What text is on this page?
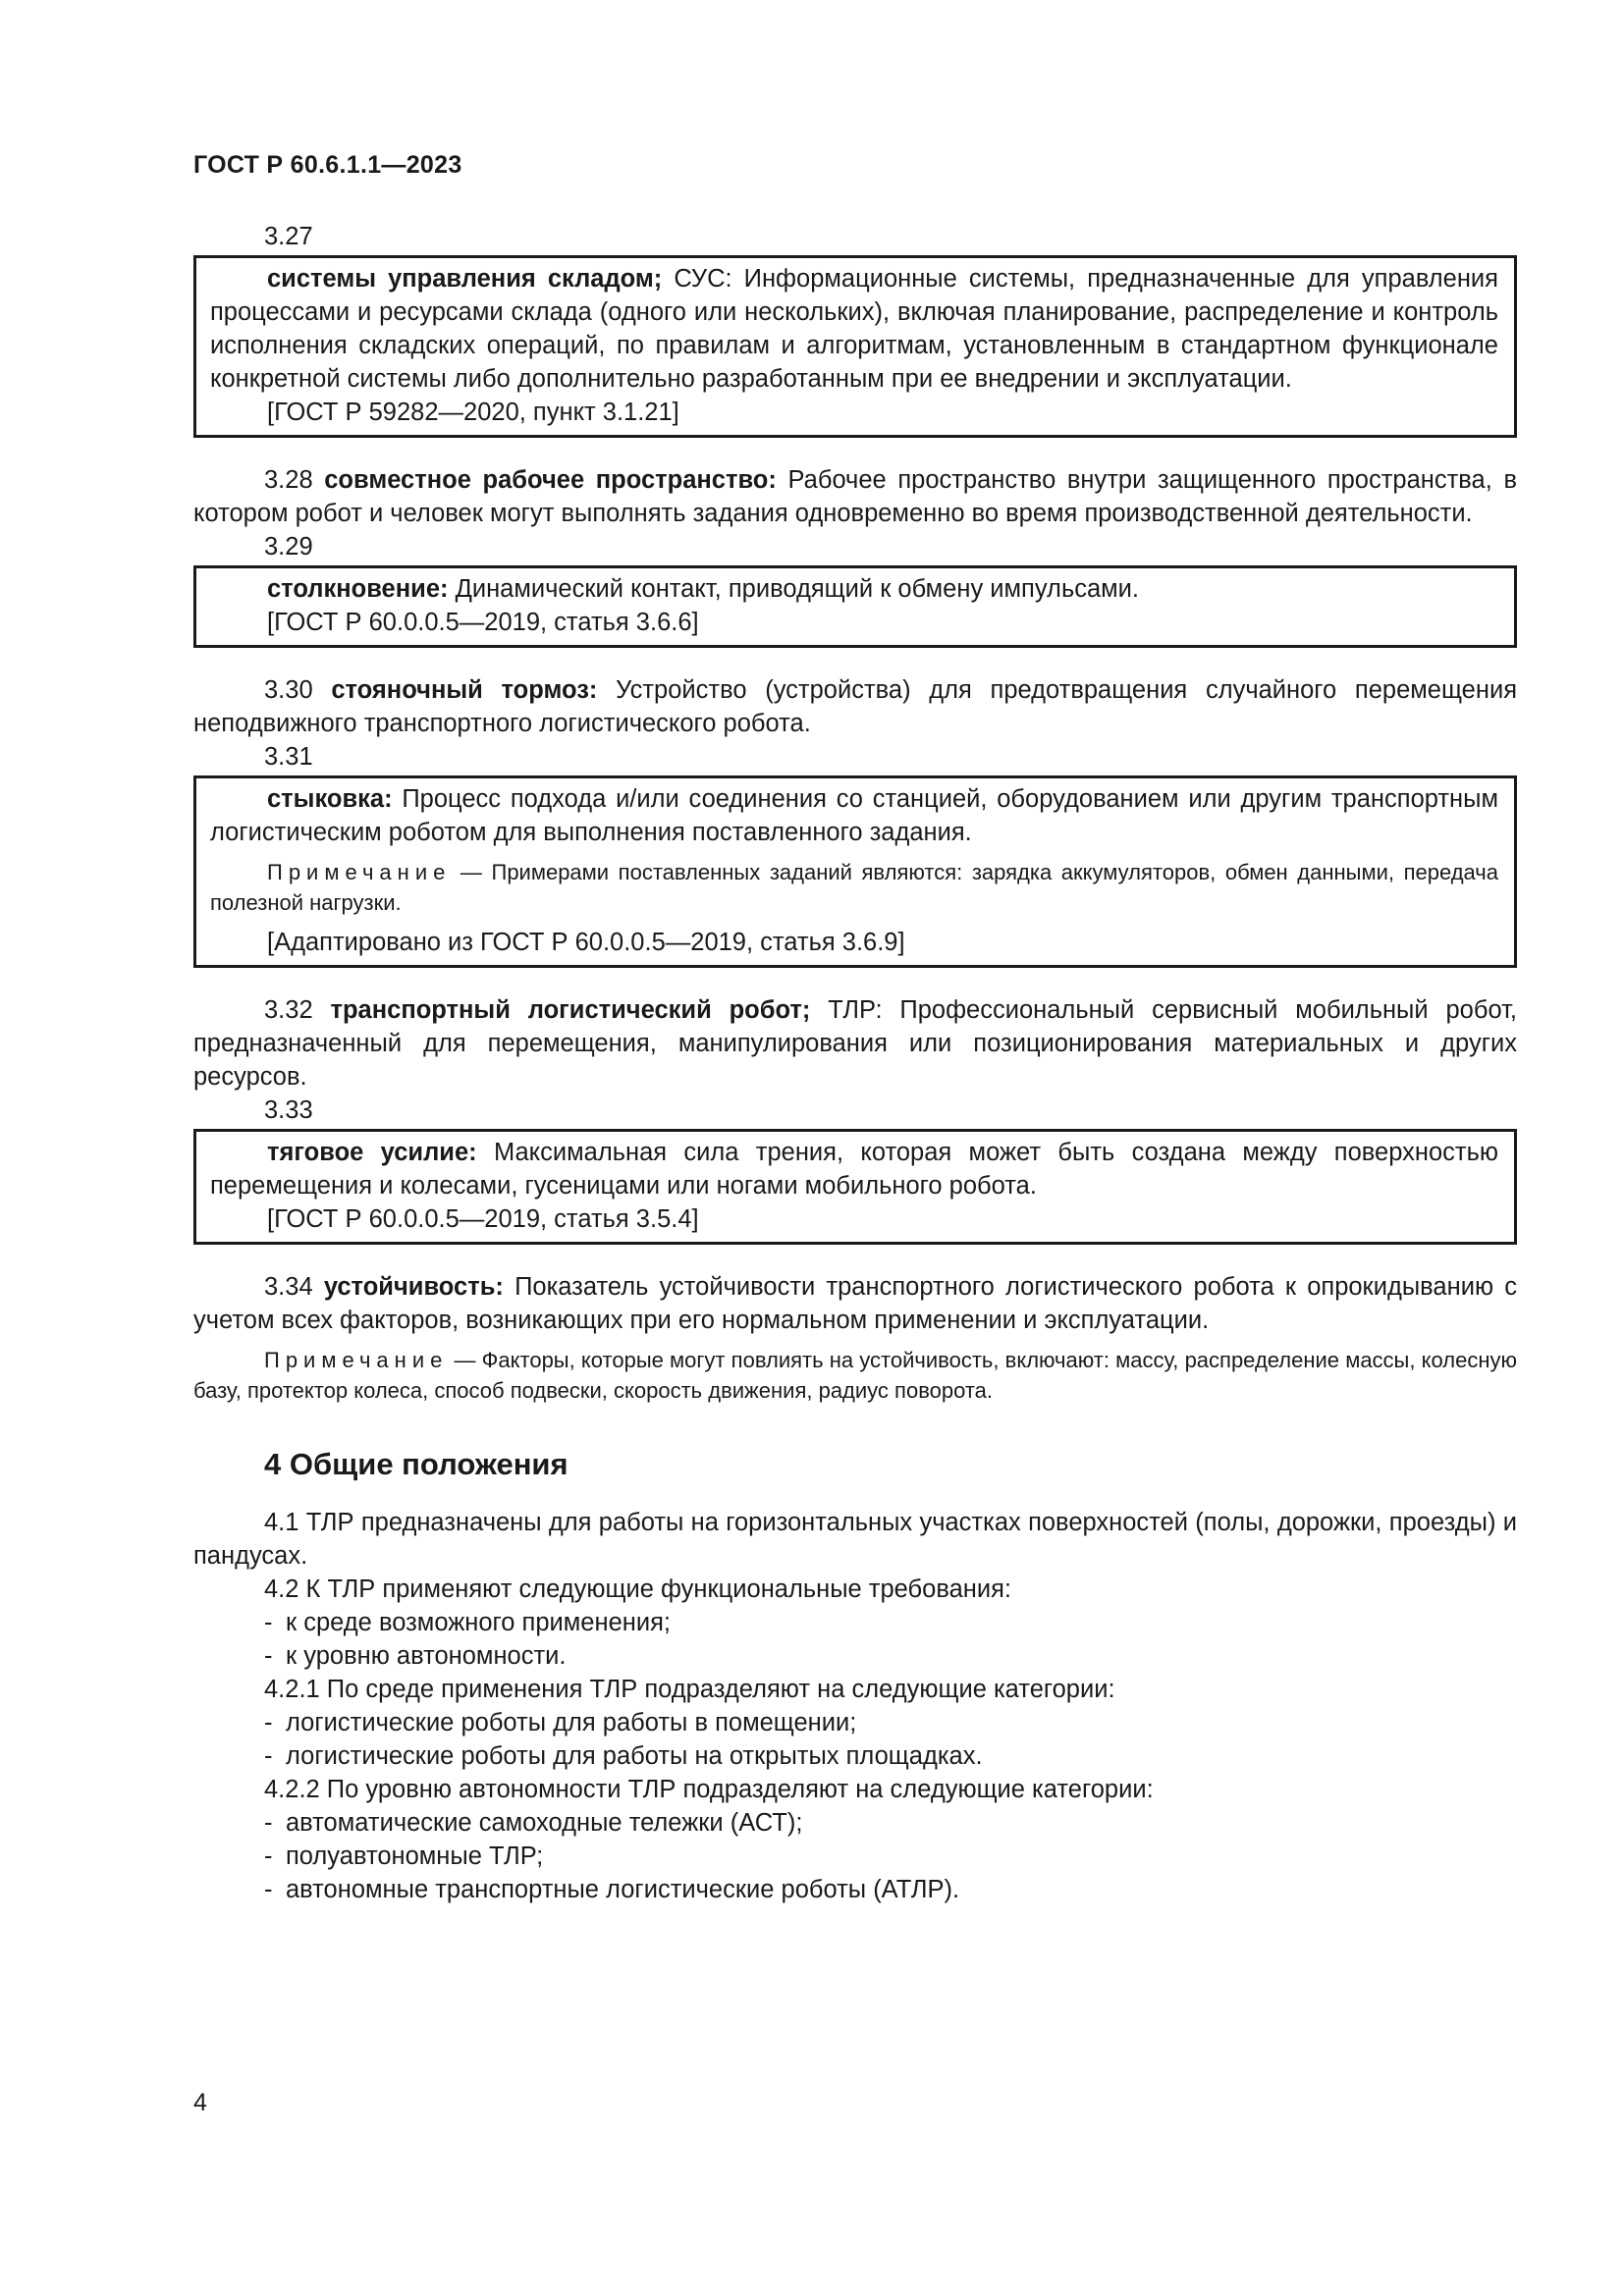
ГОСТ Р 60.6.1.1—2023
3.27
системы управления складом; СУС: Информационные системы, предназначенные для управления процессами и ресурсами склада (одного или нескольких), включая планирование, распределение и контроль исполнения складских операций, по правилам и алгоритмам, установленным в стандартном функционале конкретной системы либо дополнительно разработанным при ее внедрении и эксплуатации.
[ГОСТ Р 59282—2020, пункт 3.1.21]
3.28 совместное рабочее пространство: Рабочее пространство внутри защищенного пространства, в котором робот и человек могут выполнять задания одновременно во время производственной деятельности.
3.29
столкновение: Динамический контакт, приводящий к обмену импульсами.
[ГОСТ Р 60.0.0.5—2019, статья 3.6.6]
3.30 стояночный тормоз: Устройство (устройства) для предотвращения случайного перемещения неподвижного транспортного логистического робота.
3.31
стыковка: Процесс подхода и/или соединения со станцией, оборудованием или другим транспортным логистическим роботом для выполнения поставленного задания.
Примечание — Примерами поставленных заданий являются: зарядка аккумуляторов, обмен данными, передача полезной нагрузки.
[Адаптировано из ГОСТ Р 60.0.0.5—2019, статья 3.6.9]
3.32 транспортный логистический робот; ТЛР: Профессиональный сервисный мобильный робот, предназначенный для перемещения, манипулирования или позиционирования материальных и других ресурсов.
3.33
тяговое усилие: Максимальная сила трения, которая может быть создана между поверхностью перемещения и колесами, гусеницами или ногами мобильного робота.
[ГОСТ Р 60.0.0.5—2019, статья 3.5.4]
3.34 устойчивость: Показатель устойчивости транспортного логистического робота к опрокидыванию с учетом всех факторов, возникающих при его нормальном применении и эксплуатации.
Примечание — Факторы, которые могут повлиять на устойчивость, включают: массу, распределение массы, колесную базу, протектор колеса, способ подвески, скорость движения, радиус поворота.
4 Общие положения
4.1 ТЛР предназначены для работы на горизонтальных участках поверхностей (полы, дорожки, проезды) и пандусах.
4.2 К ТЛР применяют следующие функциональные требования:
- к среде возможного применения;
- к уровню автономности.
4.2.1 По среде применения ТЛР подразделяют на следующие категории:
- логистические роботы для работы в помещении;
- логистические роботы для работы на открытых площадках.
4.2.2 По уровню автономности ТЛР подразделяют на следующие категории:
- автоматические самоходные тележки (АСТ);
- полуавтономные ТЛР;
- автономные транспортные логистические роботы (АТЛР).
4
